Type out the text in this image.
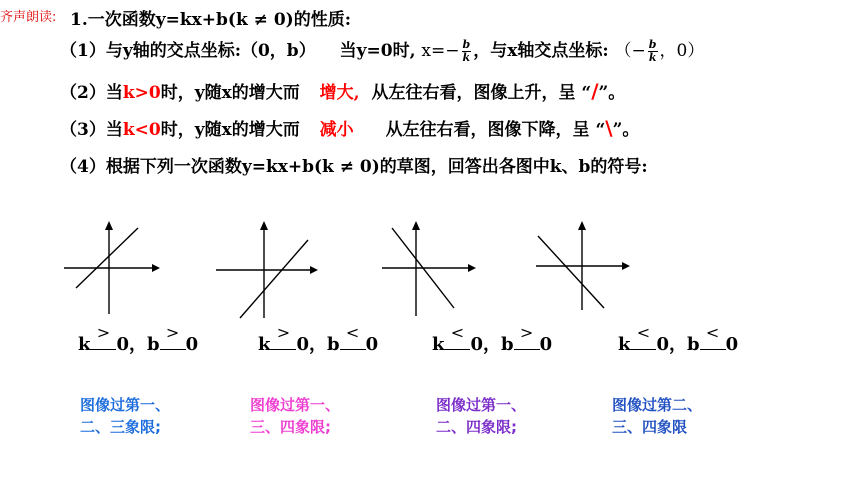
齐声朗读: 1.一次函数y=kx+b(k ≠ 0)的性质:
（1）与y轴的交点坐标:（0，b） 当y=0时, $x=- \frac{b}{k}$ ，与x轴交点坐标: （− $\frac{b}{k}$ ，0）
（2）当k>0时，y随x的增大而 增大, 从左往右看，图像上升，呈 “/”。
（3）当k<0时，y随x的增大而 减小 从左往右看，图像下降，呈 “\”。
（4）根据下列一次函数y=kx+b(k ≠ 0)的草图，回答出各图中k、b的符号:
k
>
0，b
>
0	k
>
0，b
<
0	k
<
0，b
>
0	k
<
0，b
<
0
图像过第一、
二、三象限;
图像过第一、
三、四象限;
图像过第一、
二、四象限;
图像过第二、
三、四象限
